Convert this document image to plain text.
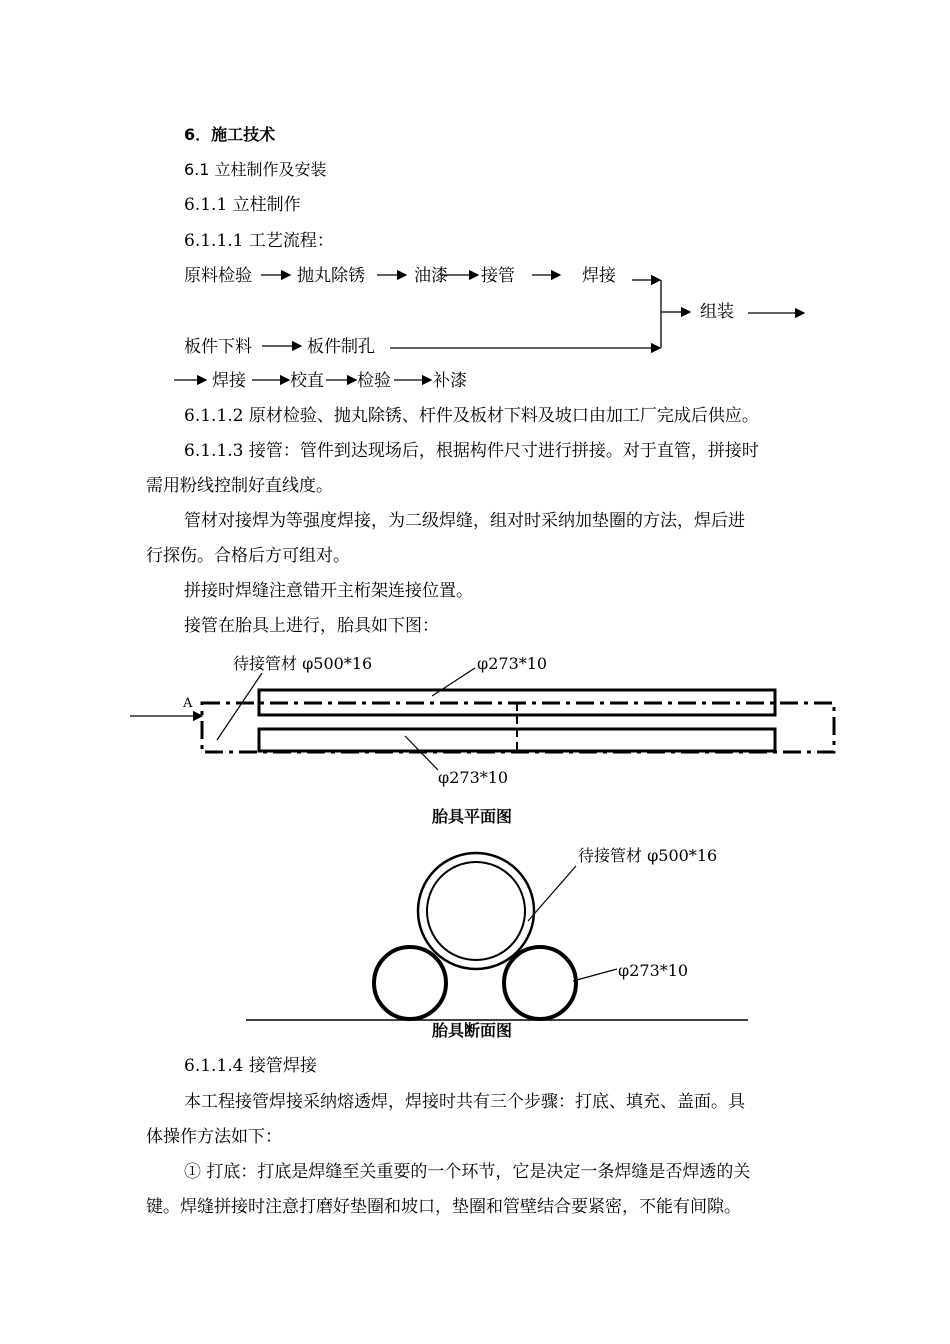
6．施工技术
6.1 立柱制作及安装
6.1.1 立柱制作
6.1.1.1 工艺流程：
原料检验	抛丸除锈	油漆 接管	焊接
组装
板件下料	板件制孔
焊接	校直 检验 补漆
6.1.1.2 原材检验、抛丸除锈、杆件及板材下料及坡口由加工厂完成后供应。
6.1.1.3 接管：管件到达现场后，根据构件尺寸进行拼接。对于直管，拼接时
需用粉线控制好直线度。
管材对接焊为等强度焊接，为二级焊缝，组对时采纳加垫圈的方法，焊后进
行探伤。合格后方可组对。
拼接时焊缝注意错开主桁架连接位置。
接管在胎具上进行，胎具如下图：
待接管材 φ500*16	φ273*10
φ273*10
A
胎具平面图
待接管材 φ500*16
φ273*10
胎具断面图
6.1.1.4 接管焊接
本工程接管焊接采纳熔透焊，焊接时共有三个步骤：打底、填充、盖面。具
体操作方法如下：
① 打底：打底是焊缝至关重要的一个环节，它是决定一条焊缝是否焊透的关
键。焊缝拼接时注意打磨好垫圈和坡口，垫圈和管壁结合要紧密，不能有间隙。
